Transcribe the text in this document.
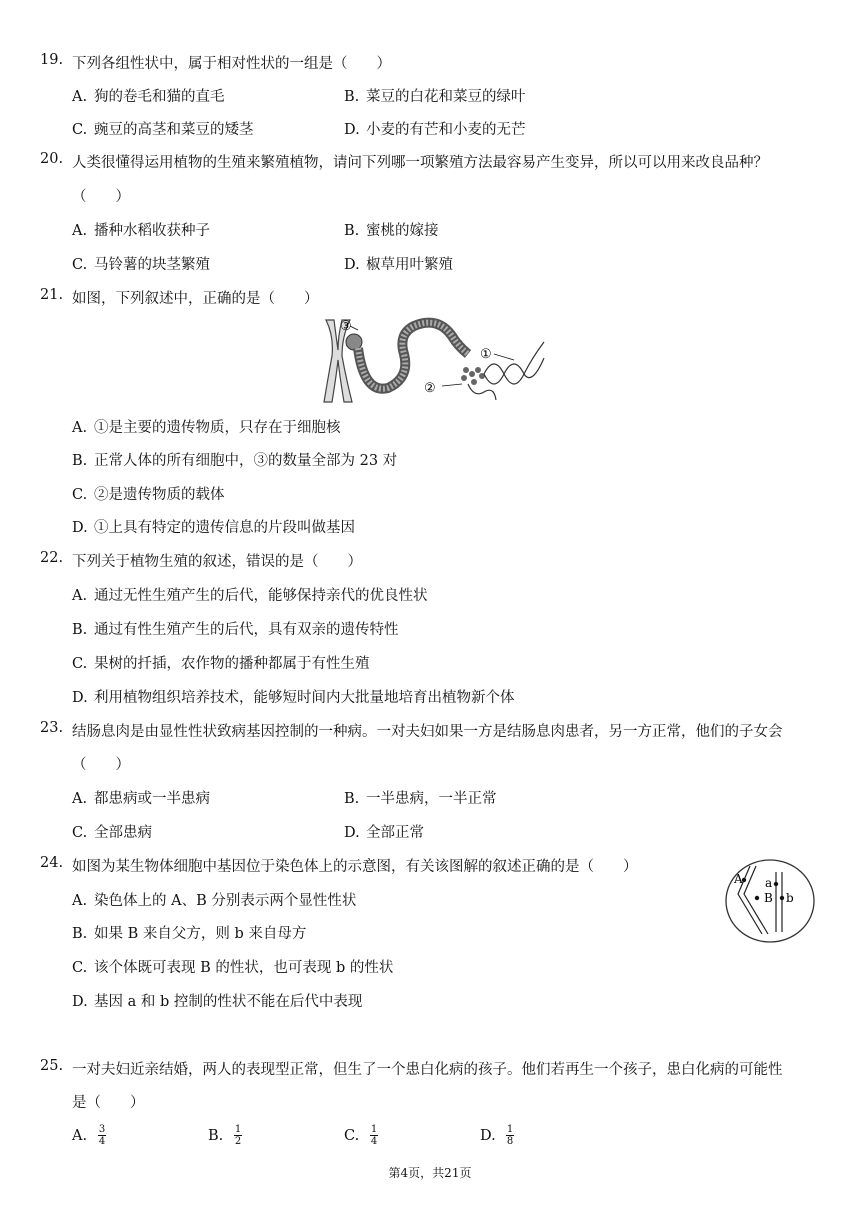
19. 下列各组性状中，属于相对性状的一组是（　　）
A. 狗的卷毛和猫的直毛	B. 菜豆的白花和菜豆的绿叶
C. 豌豆的高茎和菜豆的矮茎	D. 小麦的有芒和小麦的无芒
20. 人类很懂得运用植物的生殖来繁殖植物，请问下列哪一项繁殖方法最容易产生变异，所以可以用来改良品种？
（　　）
A. 播种水稻收获种子	B. 蜜桃的嫁接
C. 马铃薯的块茎繁殖	D. 椒草用叶繁殖
21. 如图，下列叙述中，正确的是（　　）
③
①
②
A. ①是主要的遗传物质，只存在于细胞核
B. 正常人体的所有细胞中，③的数量全部为 23 对
C. ②是遗传物质的载体
D. ①上具有特定的遗传信息的片段叫做基因
22. 下列关于植物生殖的叙述，错误的是（　　）
A. 通过无性生殖产生的后代，能够保持亲代的优良性状
B. 通过有性生殖产生的后代，具有双亲的遗传特性
C. 果树的扦插，农作物的播种都属于有性生殖
D. 利用植物组织培养技术，能够短时间内大批量地培育出植物新个体
23. 结肠息肉是由显性性状致病基因控制的一种病。一对夫妇如果一方是结肠息肉患者，另一方正常，他们的子女会
（　　）
A. 都患病或一半患病	B. 一半患病，一半正常
C. 全部患病	D. 全部正常
24. 如图为某生物体细胞中基因位于染色体上的示意图，有关该图解的叙述正确的是（　　）
A a
B b
A. 染色体上的 A、B 分别表示两个显性性状
B. 如果 B 来自父方，则 b 来自母方
C. 该个体既可表现 B 的性状，也可表现 b 的性状
D. 基因 a 和 b 控制的性状不能在后代中表现
25. 一对夫妇近亲结婚，两人的表现型正常，但生了一个患白化病的孩子。他们若再生一个孩子，患白化病的可能性
是（　　）
A. $\frac{3}{4}$	B. $\frac{1}{2}$	C. $\frac{1}{4}$	D. $\frac{1}{8}$
第4页，共21页
